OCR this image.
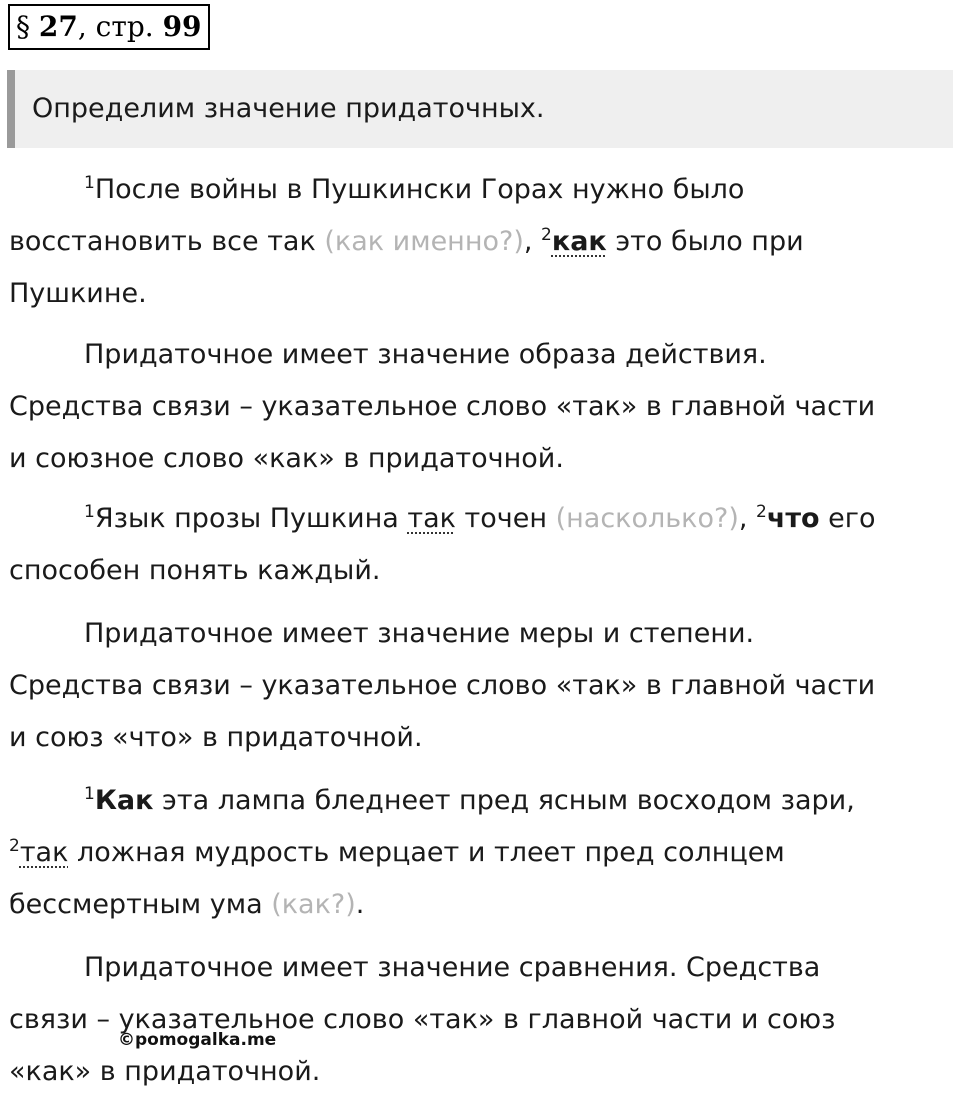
§ 27, стр. 99
Определим значение придаточных.
$^1$После войны в Пушкински Горах нужно было
восстановить все так (как именно?), $^2$как это было при
Пушкине.
Придаточное имеет значение образа действия.
Средства связи – указательное слово «так» в главной части
и союзное слово «как» в придаточной.
$^1$Язык прозы Пушкина так точен (насколько?), $^2$что его
способен понять каждый.
Придаточное имеет значение меры и степени.
Средства связи – указательное слово «так» в главной части
и союз «что» в придаточной.
$^1$Как эта лампа бледнеет пред ясным восходом зари,
$^2$так ложная мудрость мерцает и тлеет пред солнцем
бессмертным ума (как?).
Придаточное имеет значение сравнения. Средства
связи – указательное слово «так» в главной части и союз
«как» в придаточной.
©pomogalka.me
